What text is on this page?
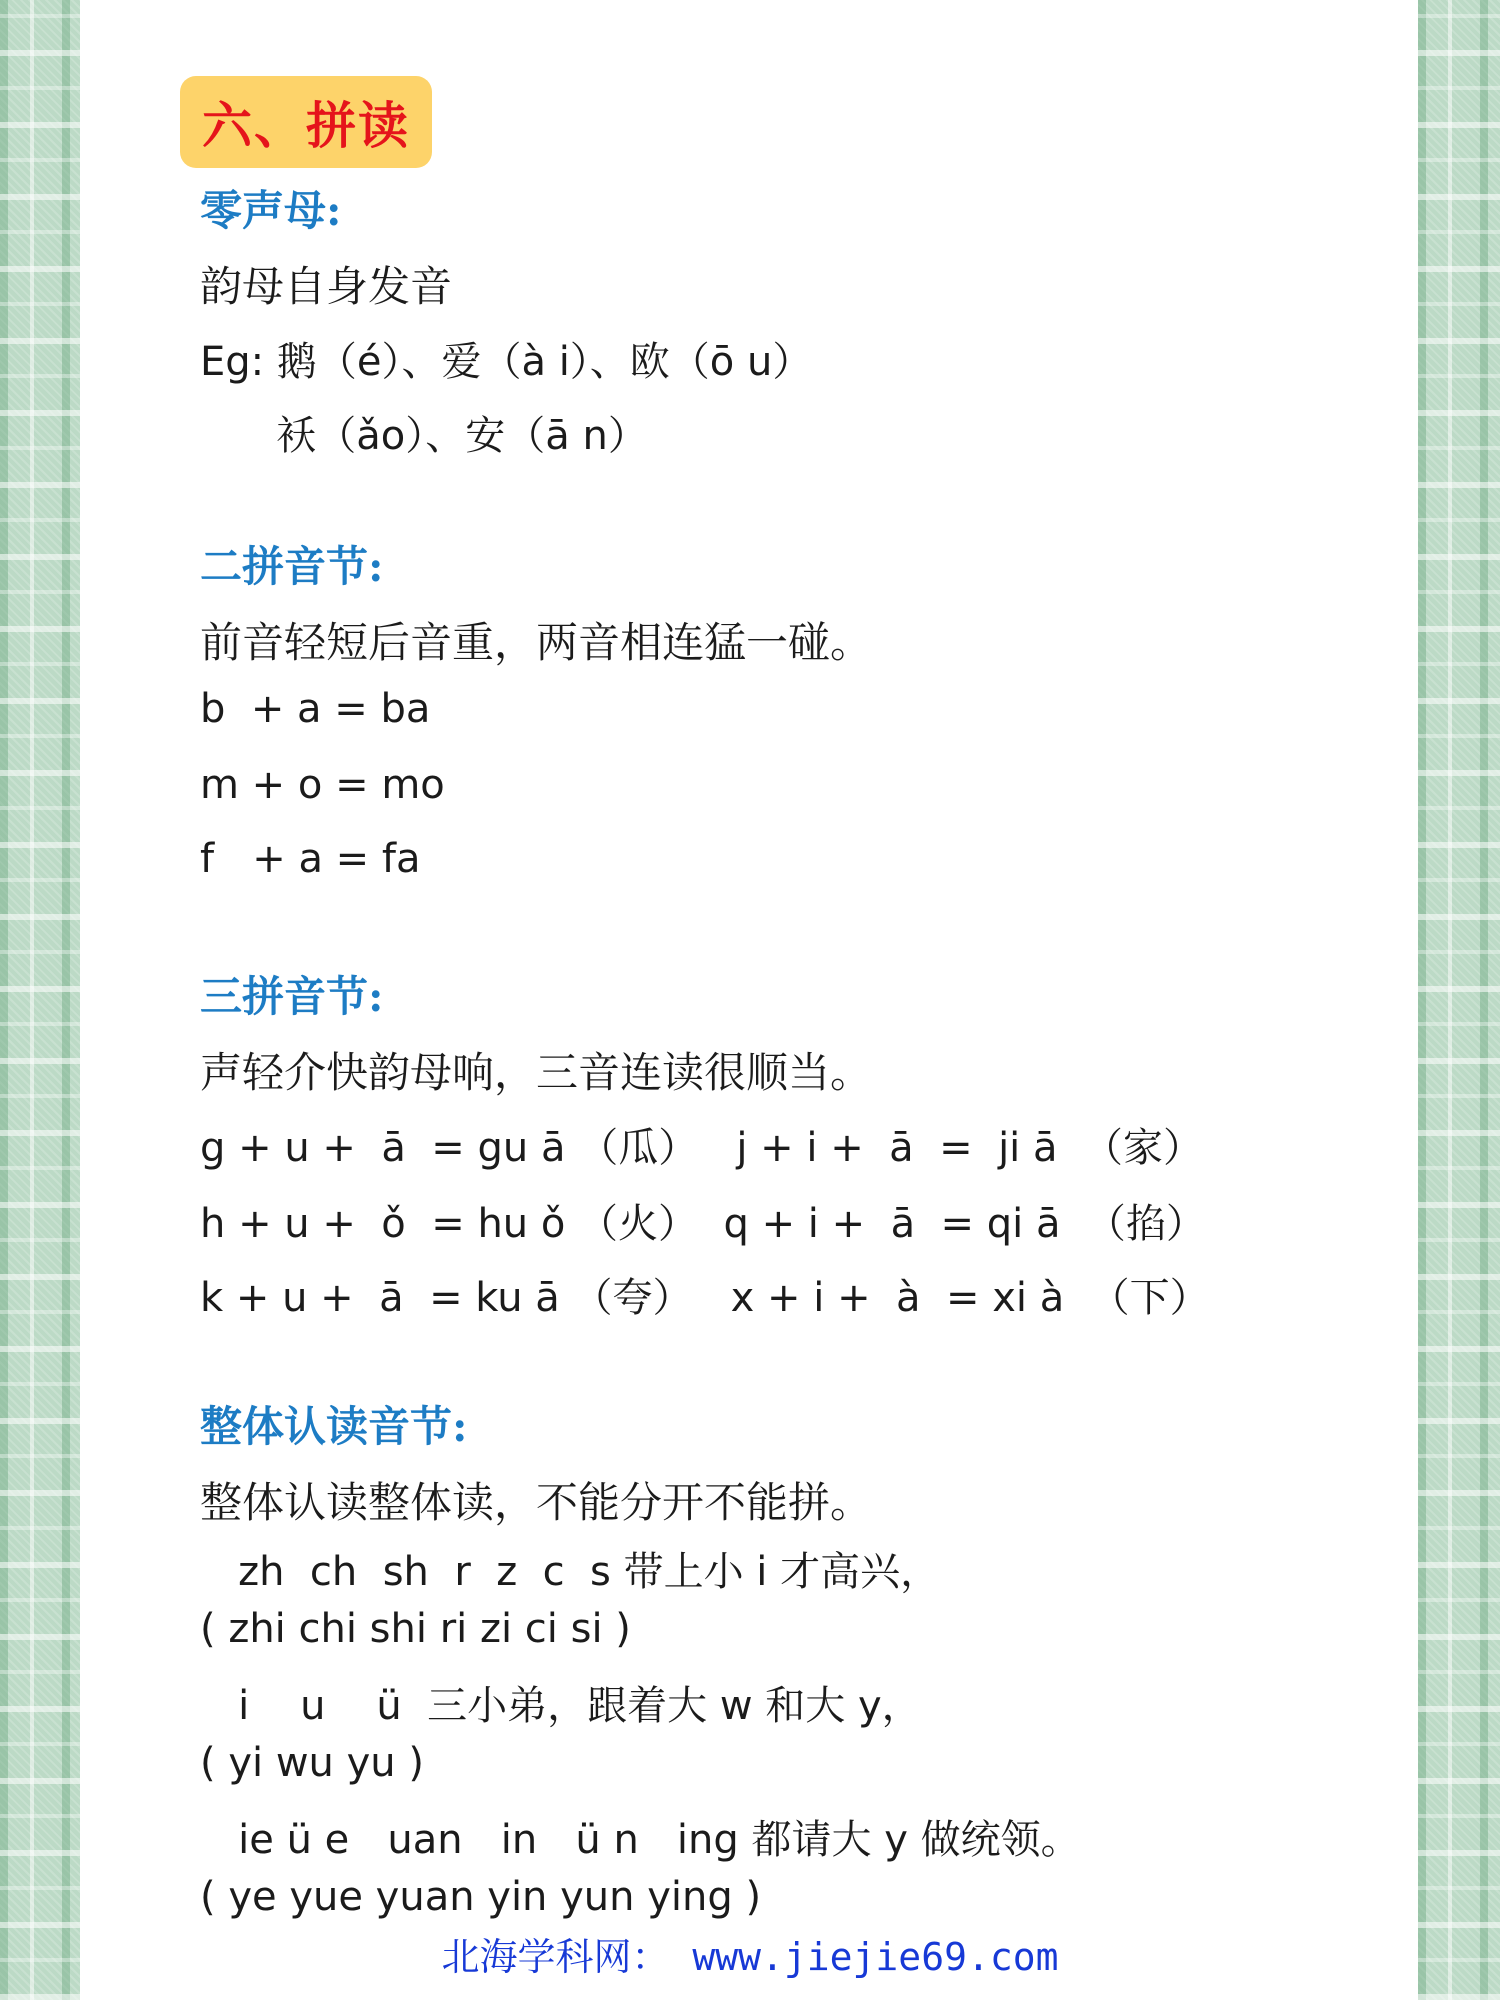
六、拼读
零声母:
韵母自身发音
Eg: 鹅（é）、爱（à i）、欧（ō u）
袄（ǎo）、安（ā n）
二拼音节:
前音轻短后音重，两音相连猛一碰。
b  + a = ba
m + o = mo
f   + a = fa
三拼音节:
声轻介快韵母响，三音连读很顺当。
g + u +  ā  = gu ā （瓜）   j + i +  ā  =  ji ā  （家）
h + u +  ǒ  = hu ǒ （火）  q + i +  ā  = qi ā  （掐）
k + u +  ā  = ku ā （夸）   x + i +  à  = xi à  （下）
整体认读音节:
整体认读整体读，不能分开不能拼。
zh  ch  sh  r  z  c  s 带上小 i 才高兴，
( zhi chi shi ri zi ci si )
i    u    ü  三小弟，跟着大 w 和大 y，
( yi wu yu )
ie ü e   uan   in   ü n   ing 都请大 y 做统领。
( ye yue yuan yin yun ying )
北海学科网： www.jiejie69.com
